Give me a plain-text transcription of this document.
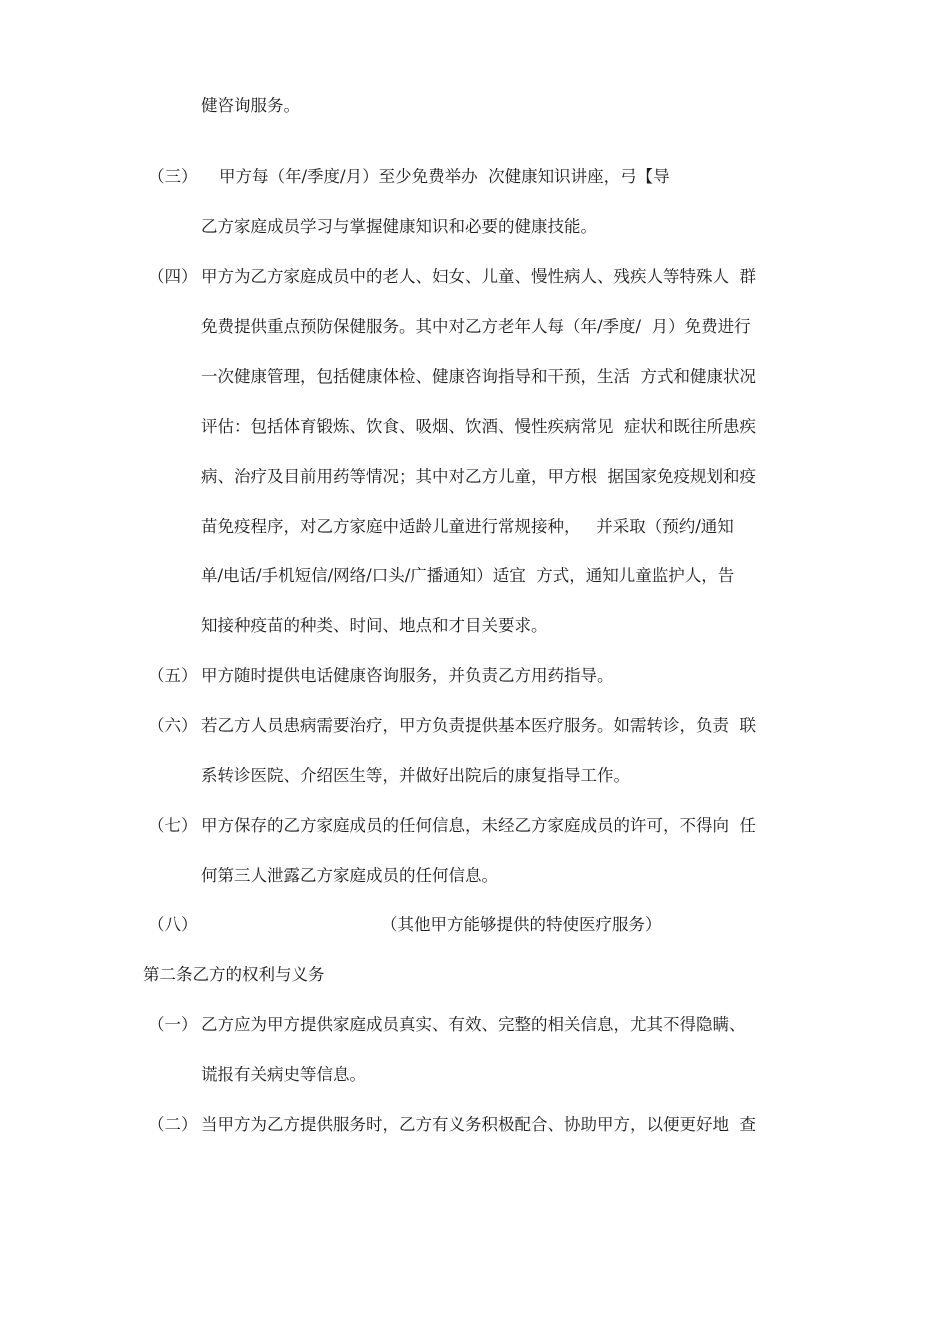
（三）
（四）
（五）
（六）
（七）
（八）
（一）
（二）
健咨询服务。
甲方每（年/季度/月）至少免费举办  次健康知识讲座，弓【导
乙方家庭成员学习与掌握健康知识和必要的健康技能。
甲方为乙方家庭成员中的老人、妇女、儿童、慢性病人、残疾人等特殊人  群
免费提供重点预防保健服务。其中对乙方老年人每（年/季度/  月）免费进行
一次健康管理，包括健康体检、健康咨询指导和干预，生活  方式和健康状况
评估：包括体育锻炼、饮食、吸烟、饮酒、慢性疾病常见  症状和既往所患疾
病、治疗及目前用药等情况；其中对乙方儿童，甲方根  据国家免疫规划和疫
苗免疫程序，对乙方家庭中适龄儿童进行常规接种，   并采取（预约/通知
单/电话/手机短信/网络/口头/广播通知）适宜  方式，通知儿童监护人，告
知接种疫苗的种类、时间、地点和才目关要求。
甲方随时提供电话健康咨询服务，并负责乙方用药指导。
若乙方人员患病需要治疗，甲方负责提供基本医疗服务。如需转诊，负责  联
系转诊医院、介绍医生等，并做好出院后的康复指导工作。
甲方保存的乙方家庭成员的任何信息，未经乙方家庭成员的许可，不得向  任
何第三人泄露乙方家庭成员的任何信息。
（其他甲方能够提供的特使医疗服务）
第二条乙方的权利与义务
乙方应为甲方提供家庭成员真实、有效、完整的相关信息，尤其不得隐瞒、
谎报有关病史等信息。
当甲方为乙方提供服务时，乙方有义务积极配合、协助甲方，以便更好地  查
